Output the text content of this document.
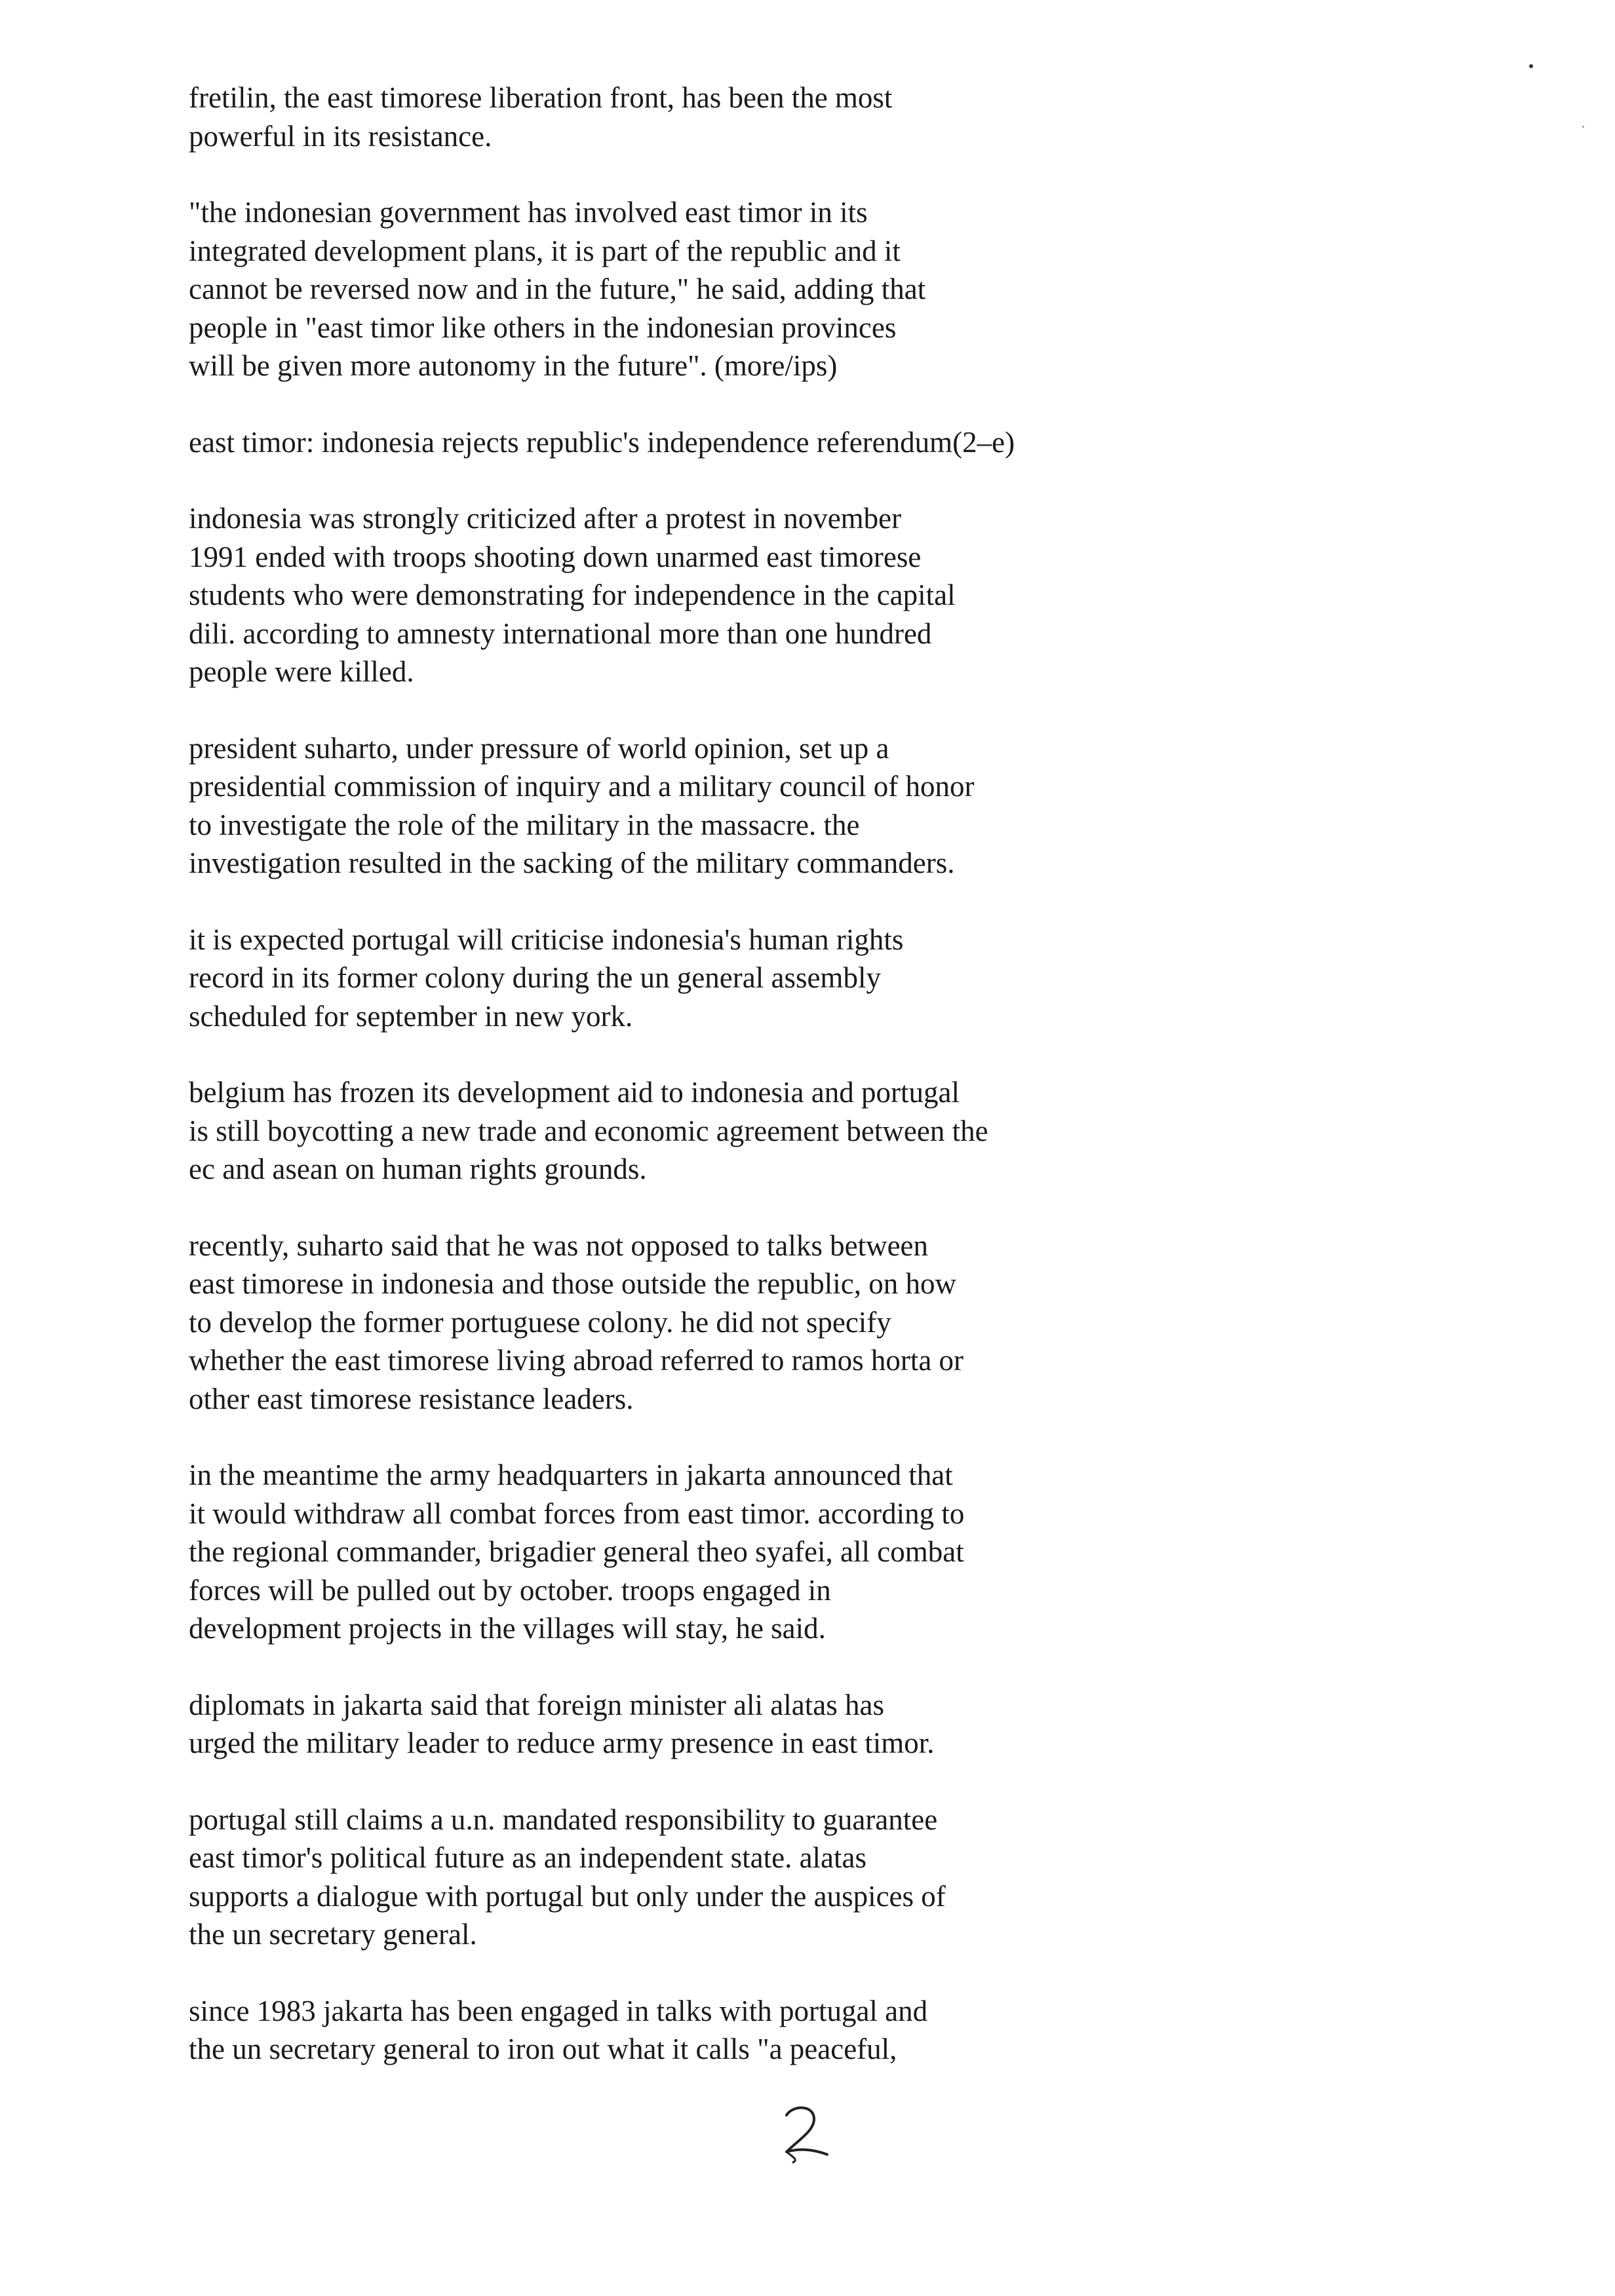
fretilin, the east timorese liberation front, has been the most
powerful in its resistance.
"the indonesian government has involved east timor in its
integrated development plans, it is part of the republic and it
cannot be reversed now and in the future," he said, adding that
people in "east timor like others in the indonesian provinces
will be given more autonomy in the future". (more/ips)
east timor: indonesia rejects republic's independence referendum(2–e)
indonesia was strongly criticized after a protest in november
1991 ended with troops shooting down unarmed east timorese
students who were demonstrating for independence in the capital
dili. according to amnesty international more than one hundred
people were killed.
president suharto, under pressure of world opinion, set up a
presidential commission of inquiry and a military council of honor
to investigate the role of the military in the massacre. the
investigation resulted in the sacking of the military commanders.
it is expected portugal will criticise indonesia's human rights
record in its former colony during the un general assembly
scheduled for september in new york.
belgium has frozen its development aid to indonesia and portugal
is still boycotting a new trade and economic agreement between the
ec and asean on human rights grounds.
recently, suharto said that he was not opposed to talks between
east timorese in indonesia and those outside the republic, on how
to develop the former portuguese colony. he did not specify
whether the east timorese living abroad referred to ramos horta or
other east timorese resistance leaders.
in the meantime the army headquarters in jakarta announced that
it would withdraw all combat forces from east timor. according to
the regional commander, brigadier general theo syafei, all combat
forces will be pulled out by october. troops engaged in
development projects in the villages will stay, he said.
diplomats in jakarta said that foreign minister ali alatas has
urged the military leader to reduce army presence in east timor.
portugal still claims a u.n. mandated responsibility to guarantee
east timor's political future as an independent state. alatas
supports a dialogue with portugal but only under the auspices of
the un secretary general.
since 1983 jakarta has been engaged in talks with portugal and
the un secretary general to iron out what it calls "a peaceful,
